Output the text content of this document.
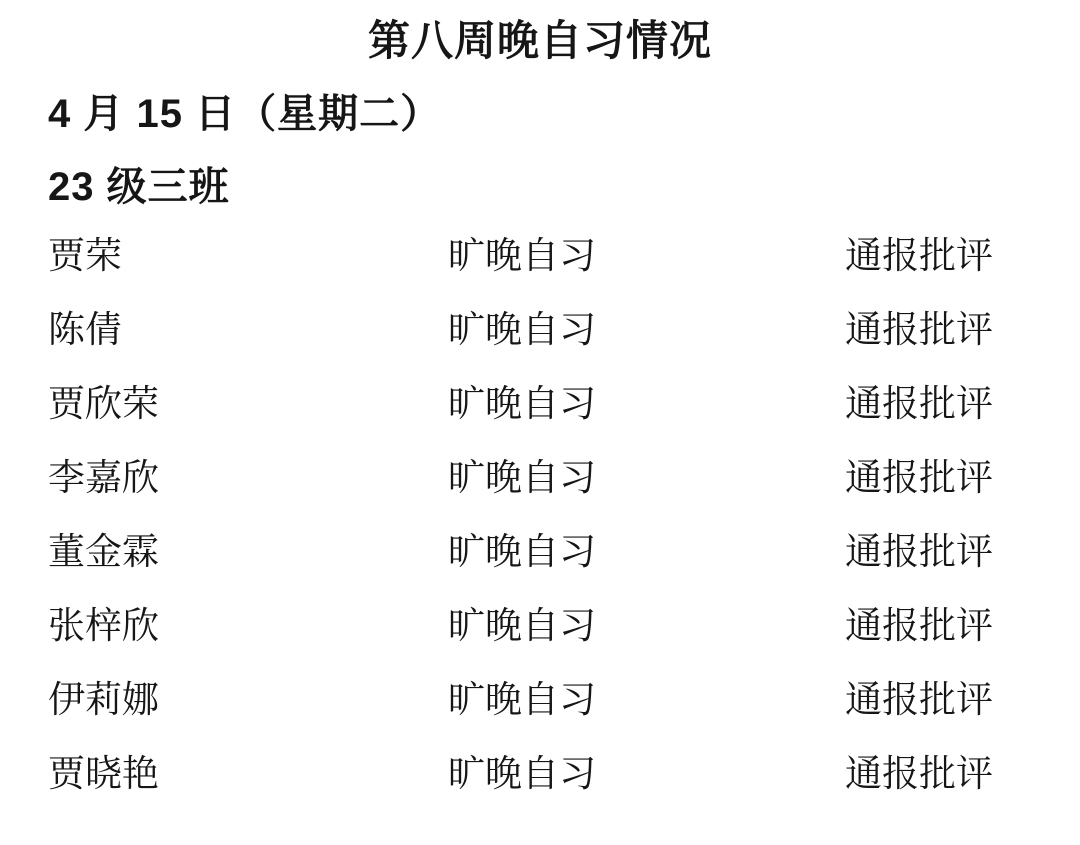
第八周晚自习情况
4 月 15 日（星期二）
23 级三班
贾荣	旷晚自习	通报批评
陈倩	旷晚自习	通报批评
贾欣荣	旷晚自习	通报批评
李嘉欣	旷晚自习	通报批评
董金霖	旷晚自习	通报批评
张梓欣	旷晚自习	通报批评
伊莉娜	旷晚自习	通报批评
贾晓艳	旷晚自习	通报批评
